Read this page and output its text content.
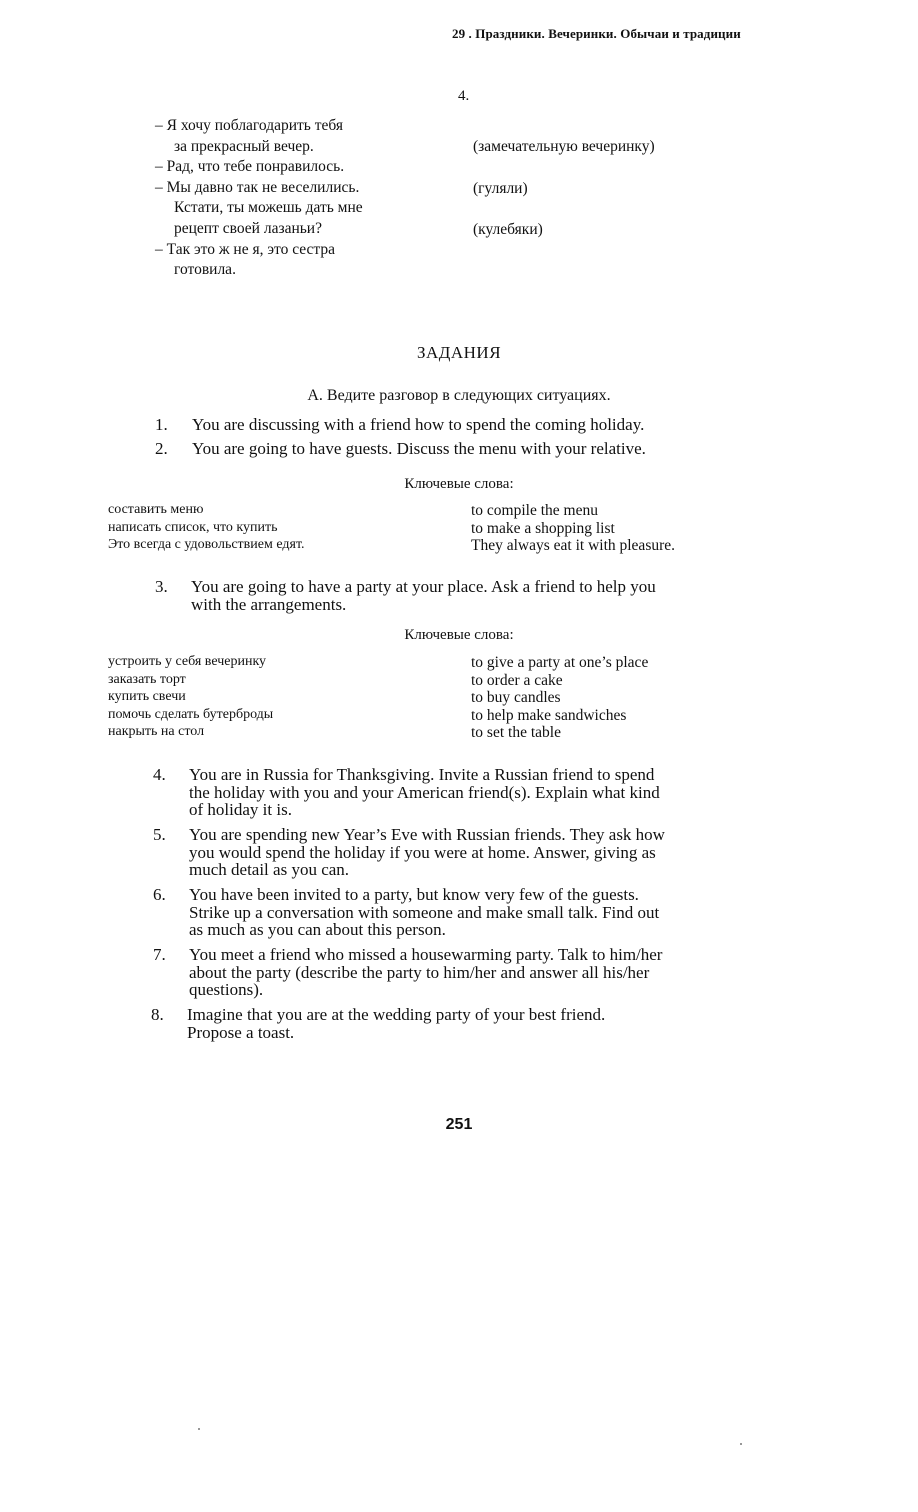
29 . Праздники. Вечеринки. Обычаи и традиции
4.
– Я хочу поблагодарить тебя
за прекрасный вечер.
– Рад, что тебе понравилось.
– Мы давно так не веселились.
Кстати, ты можешь дать мне
рецепт своей лазаньи?
– Так это ж не я, это сестра
готовила.
(замечательную вечеринку)
(гуляли)
(кулебяки)
ЗАДАНИЯ
А. Ведите разговор в следующих ситуациях.
1. You are discussing with a friend how to spend the coming holiday.
2. You are going to have guests. Discuss the menu with your relative.
Ключевые слова:
составить меню
написать список, что купить
Это всегда с удовольствием едят.
to compile the menu
to make a shopping list
They always eat it with pleasure.
3. You are going to have a party at your place. Ask a friend to help you
with the arrangements.
Ключевые слова:
устроить у себя вечеринку
заказать торт
купить свечи
помочь сделать бутерброды
накрыть на стол
to give a party at one’s place
to order a cake
to buy candles
to help make sandwiches
to set the table
4. You are in Russia for Thanksgiving. Invite a Russian friend to spend
the holiday with you and your American friend(s). Explain what kind
of holiday it is.
5. You are spending new Year’s Eve with Russian friends. They ask how
you would spend the holiday if you were at home. Answer, giving as
much detail as you can.
6. You have been invited to a party, but know very few of the guests.
Strike up a conversation with someone and make small talk. Find out
as much as you can about this person.
7. You meet a friend who missed a housewarming party. Talk to him/her
about the party (describe the party to him/her and answer all his/her
questions).
8. Imagine that you are at the wedding party of your best friend.
Propose a toast.
251
